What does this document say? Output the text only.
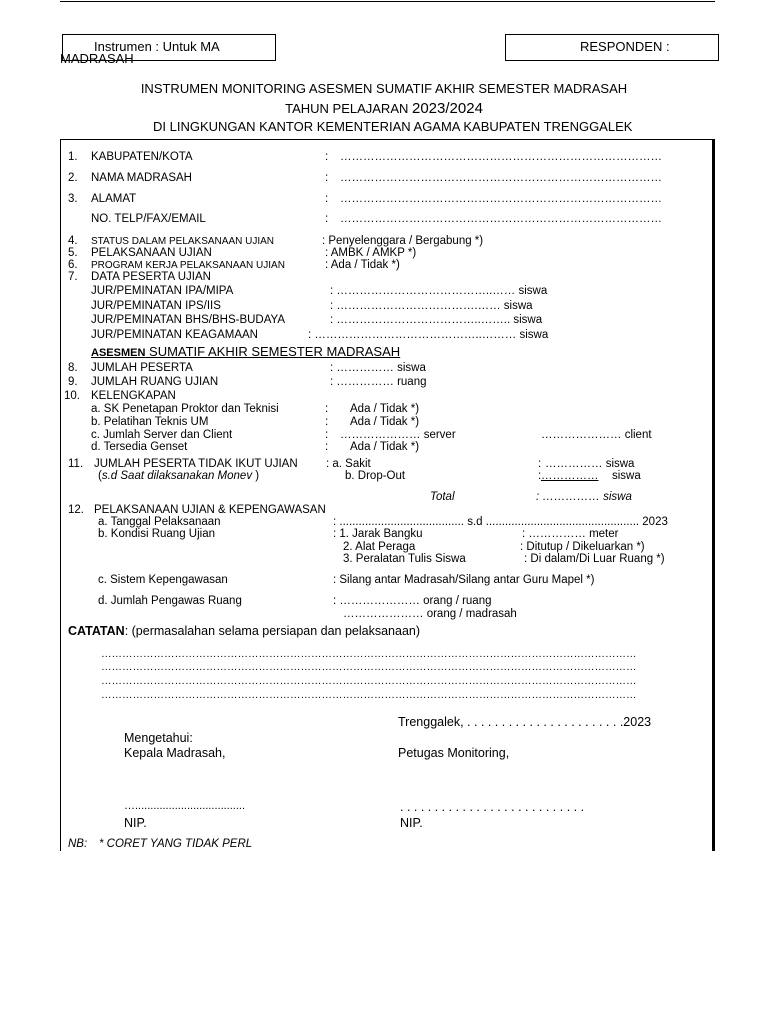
Instrumen : Untuk MA
MADRASAH
RESPONDEN :
INSTRUMEN MONITORING ASESMEN SUMATIF AKHIR SEMESTER MADRASAH
TAHUN PELAJARAN 2023/2024
DI LINGKUNGAN KANTOR KEMENTERIAN AGAMA KABUPATEN TRENGGALEK
1. KABUPATEN/KOTA	: …………………………………………………………………………
2. NAMA MADRASAH	: …………………………………………………………………………
3. ALAMAT	: …………………………………………………………………………
NO. TELP/FAX/EMAIL	: …………………………………………………………………………
4. STATUS DALAM PELAKSANAAN UJIAN	: Penyelenggara / Bergabung *)
5. PELAKSANAAN UJIAN	: AMBK / AMKP *)
6. PROGRAM KERJA PELAKSANAAN UJIAN	: Ada / Tidak *)
7. DATA PESERTA UJIAN
JUR/PEMINATAN IPA/MIPA	: …………………………………..…… siswa
JUR/PEMINATAN IPS/IIS	: ……………………………….…… siswa
JUR/PEMINATAN BHS/BHS-BUDAYA	: ………………………………..…….. siswa
JUR/PEMINATAN KEAGAMAAN	: ……………………………………..……… siswa
ASESMEN SUMATIF AKHIR SEMESTER MADRASAH
8. JUMLAH PESERTA	: …………… siswa
9. JUMLAH RUANG UJIAN	: …………… ruang
10. KELENGKAPAN
a. SK Penetapan Proktor dan Teknisi	: Ada / Tidak *)
b. Pelatihan Teknis UM	: Ada / Tidak *)
c. Jumlah Server dan Client	: ………………… server	………………… client
d. Tersedia Genset	: Ada / Tidak *)
11. JUMLAH PESERTA TIDAK IKUT UJIAN
(s.d Saat dilaksanakan Monev )
: a. Sakit	: …………… siswa
b. Drop-Out	: …………… siswa
Total	: …………… siswa
12. PELAKSANAAN UJIAN & KEPENGAWASAN
a. Tanggal Pelaksanaan	: ....................................... s.d ................................................ 2023
b. Kondisi Ruang Ujian	: 1. Jarak Bangku	: …………… meter
2. Alat Peraga	: Ditutup / Dikeluarkan *)
3. Peralatan Tulis Siswa	: Di dalam/Di Luar Ruang *)
c. Sistem Kepengawasan	: Silang antar Madrasah/Silang antar Guru Mapel *)
d. Jumlah Pengawas Ruang	: ………………… orang / ruang
………………… orang / madrasah
CATATAN: (permasalahan selama persiapan dan pelaksanaan)
………………………………………………………………………………………………………………………………………
………………………………………………………………………………………………………………………………………
………………………………………………………………………………………………………………………………………
………………………………………………………………………………………………………………………………………
Trenggalek, . . . . . . . . . . . . . . . . . . . . . . .2023
Mengetahui:
Kepala Madrasah,	Petugas Monitoring,
…....................................	. . . . . . . . . . . . . . . . . . . . . . . . . . .
NIP.	NIP.
NB: * CORET YANG TIDAK PERL
